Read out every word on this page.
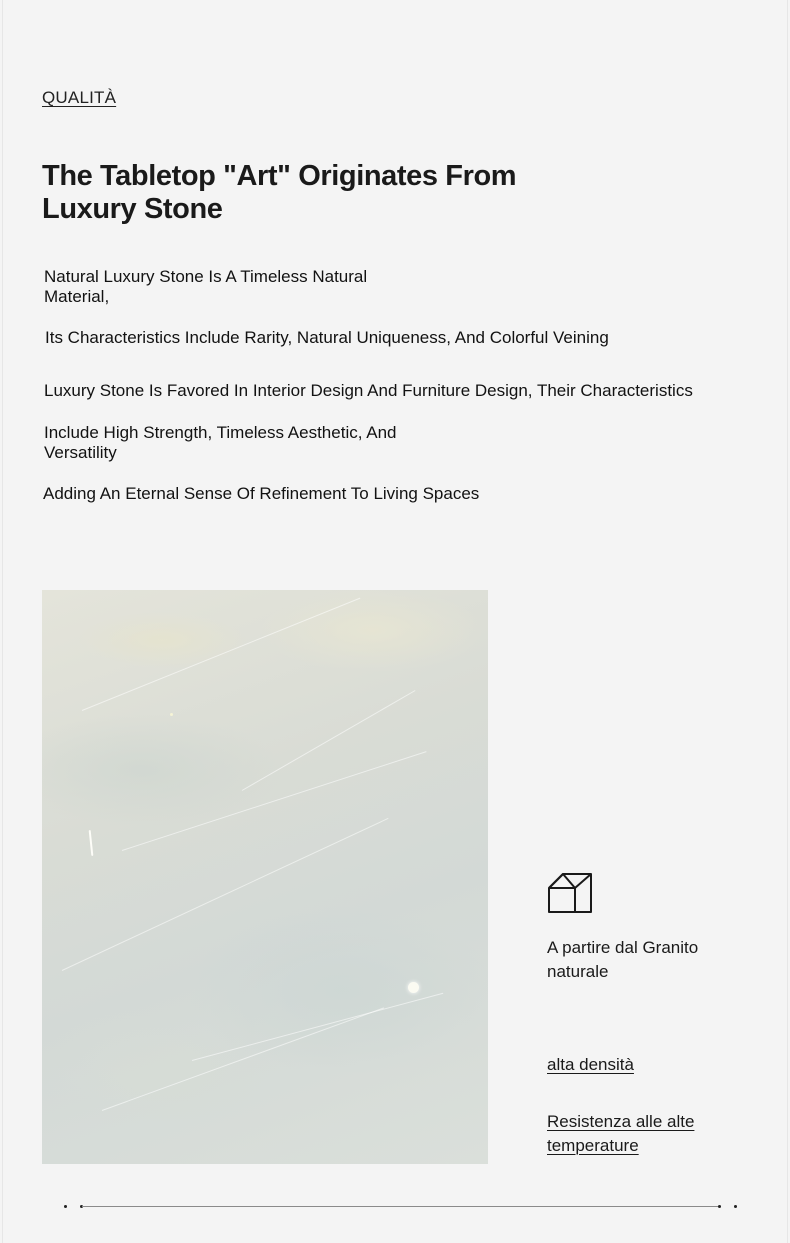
QUALITÀ
The Tabletop "Art" Originates From Luxury Stone

Natural Luxury Stone Is A Timeless Natural Material,

Its Characteristics Include Rarity, Natural Uniqueness, And Colorful Veining

Luxury Stone Is Favored In Interior Design And Furniture Design, Their Characteristics

Include High Strength, Timeless Aesthetic, And Versatility

Adding An Eternal Sense Of Refinement To Living Spaces

A partire dal Granito naturale

alta densità

Resistenza alle alte temperature
